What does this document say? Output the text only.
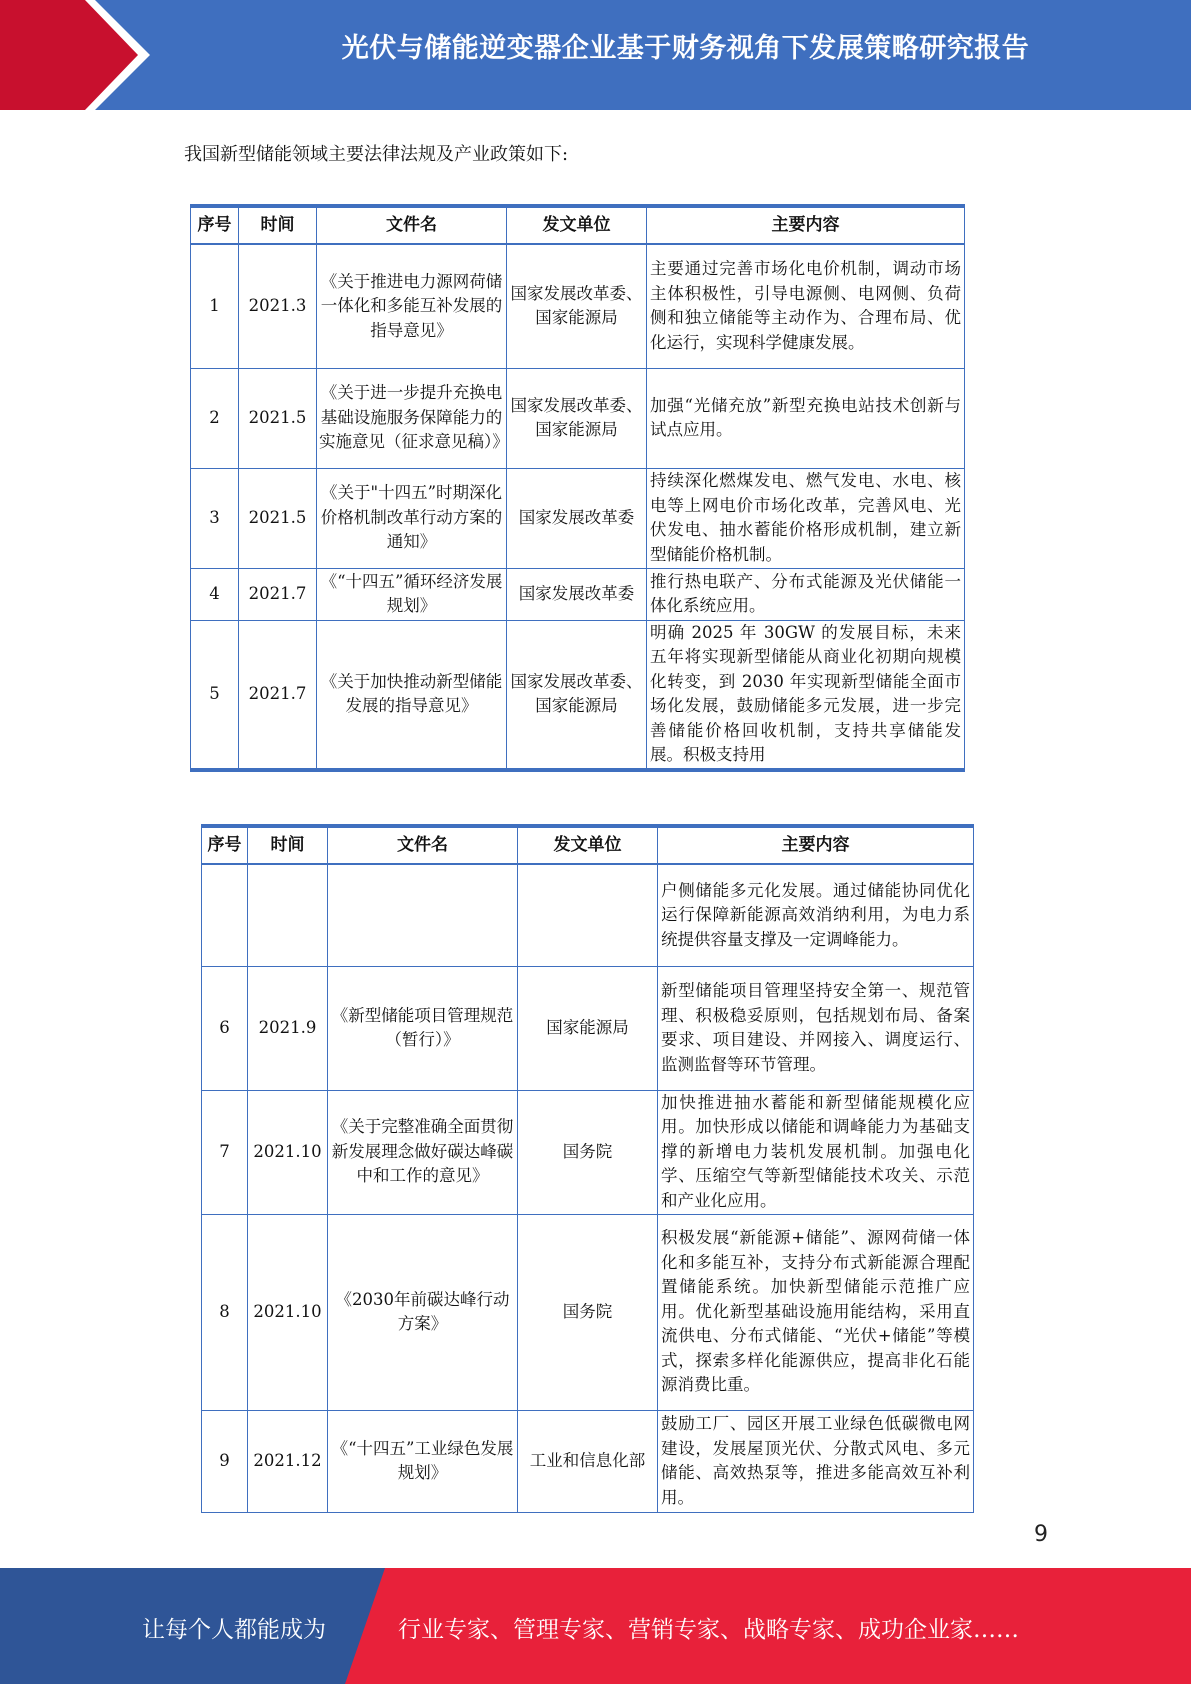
光伏与储能逆变器企业基于财务视角下发展策略研究报告
我国新型储能领域主要法律法规及产业政策如下:
序号	时间	文件名	发文单位	主要内容
1	2021.3	《关于推进电力源网荷储一体化和多能互补发展的指导意见》	国家发展改革委、国家能源局	主要通过完善市场化电价机制，调动市场主体积极性，引导电源侧、电网侧、负荷侧和独立储能等主动作为、合理布局、优化运行，实现科学健康发展。
2	2021.5	《关于进一步提升充换电基础设施服务保障能力的实施意见（征求意见稿）》	国家发展改革委、国家能源局	加强“光储充放”新型充换电站技术创新与试点应用。
3	2021.5	《关于"十四五”时期深化价格机制改革行动方案的通知》	国家发展改革委	持续深化燃煤发电、燃气发电、水电、核电等上网电价市场化改革，完善风电、光伏发电、抽水蓄能价格形成机制，建立新型储能价格机制。
4	2021.7	《“十四五”循环经济发展规划》	国家发展改革委	推行热电联产、分布式能源及光伏储能一体化系统应用。
5	2021.7	《关于加快推动新型储能发展的指导意见》	国家发展改革委、国家能源局	明确 2025 年 30GW 的发展目标，未来五年将实现新型储能从商业化初期向规模化转变，到 2030 年实现新型储能全面市场化发展，鼓励储能多元发展，进一步完善储能价格回收机制，支持共享储能发展。积极支持用
序号	时间	文件名	发文单位	主要内容
				户侧储能多元化发展。通过储能协同优化运行保障新能源高效消纳利用，为电力系统提供容量支撑及一定调峰能力。
6	2021.9	《新型储能项目管理规范（暂行）》	国家能源局	新型储能项目管理坚持安全第一、规范管理、积极稳妥原则，包括规划布局、备案要求、项目建设、并网接入、调度运行、监测监督等环节管理。
7	2021.10	《关于完整准确全面贯彻新发展理念做好碳达峰碳中和工作的意见》	国务院	加快推进抽水蓄能和新型储能规模化应用。加快形成以储能和调峰能力为基础支撑的新增电力装机发展机制。加强电化学、压缩空气等新型储能技术攻关、示范和产业化应用。
8	2021.10	《2030年前碳达峰行动方案》	国务院	积极发展“新能源+储能”、源网荷储一体化和多能互补，支持分布式新能源合理配置储能系统。加快新型储能示范推广应用。优化新型基础设施用能结构，采用直流供电、分布式储能、“光伏+储能”等模式，探索多样化能源供应，提高非化石能源消费比重。
9	2021.12	《“十四五”工业绿色发展规划》	工业和信息化部	鼓励工厂、园区开展工业绿色低碳微电网建设，发展屋顶光伏、分散式风电、多元储能、高效热泵等，推进多能高效互补利用。
9
让每个人都能成为	行业专家、管理专家、营销专家、战略专家、成功企业家……
